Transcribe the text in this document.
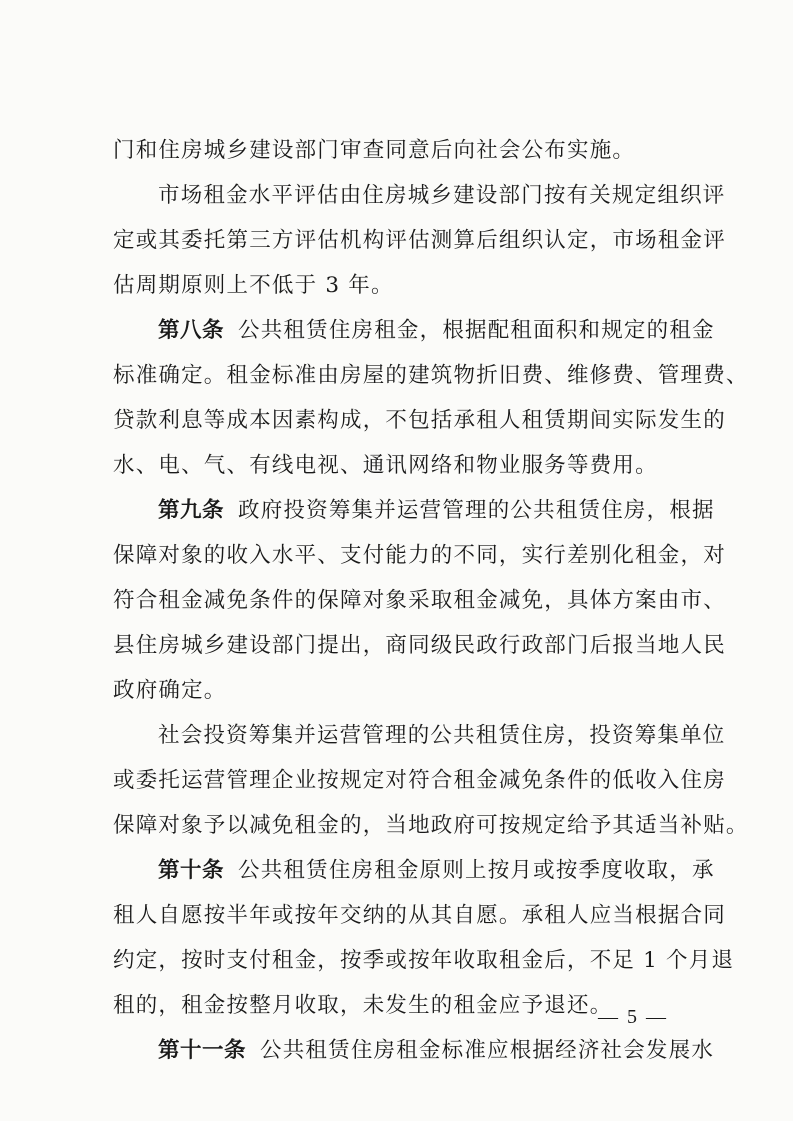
门和住房城乡建设部门审查同意后向社会公布实施。
市场租金水平评估由住房城乡建设部门按有关规定组织评
定或其委托第三方评估机构评估测算后组织认定，市场租金评
估周期原则上不低于 3 年。
第八条 公共租赁住房租金，根据配租面积和规定的租金
标准确定。租金标准由房屋的建筑物折旧费、维修费、管理费、
贷款利息等成本因素构成，不包括承租人租赁期间实际发生的
水、电、气、有线电视、通讯网络和物业服务等费用。
第九条 政府投资筹集并运营管理的公共租赁住房，根据
保障对象的收入水平、支付能力的不同，实行差别化租金，对
符合租金减免条件的保障对象采取租金减免，具体方案由市、
县住房城乡建设部门提出，商同级民政行政部门后报当地人民
政府确定。
社会投资筹集并运营管理的公共租赁住房，投资筹集单位
或委托运营管理企业按规定对符合租金减免条件的低收入住房
保障对象予以减免租金的，当地政府可按规定给予其适当补贴。
第十条 公共租赁住房租金原则上按月或按季度收取，承
租人自愿按半年或按年交纳的从其自愿。承租人应当根据合同
约定，按时支付租金，按季或按年收取租金后，不足 1 个月退
租的，租金按整月收取，未发生的租金应予退还。
第十一条 公共租赁住房租金标准应根据经济社会发展水
— 5 —
